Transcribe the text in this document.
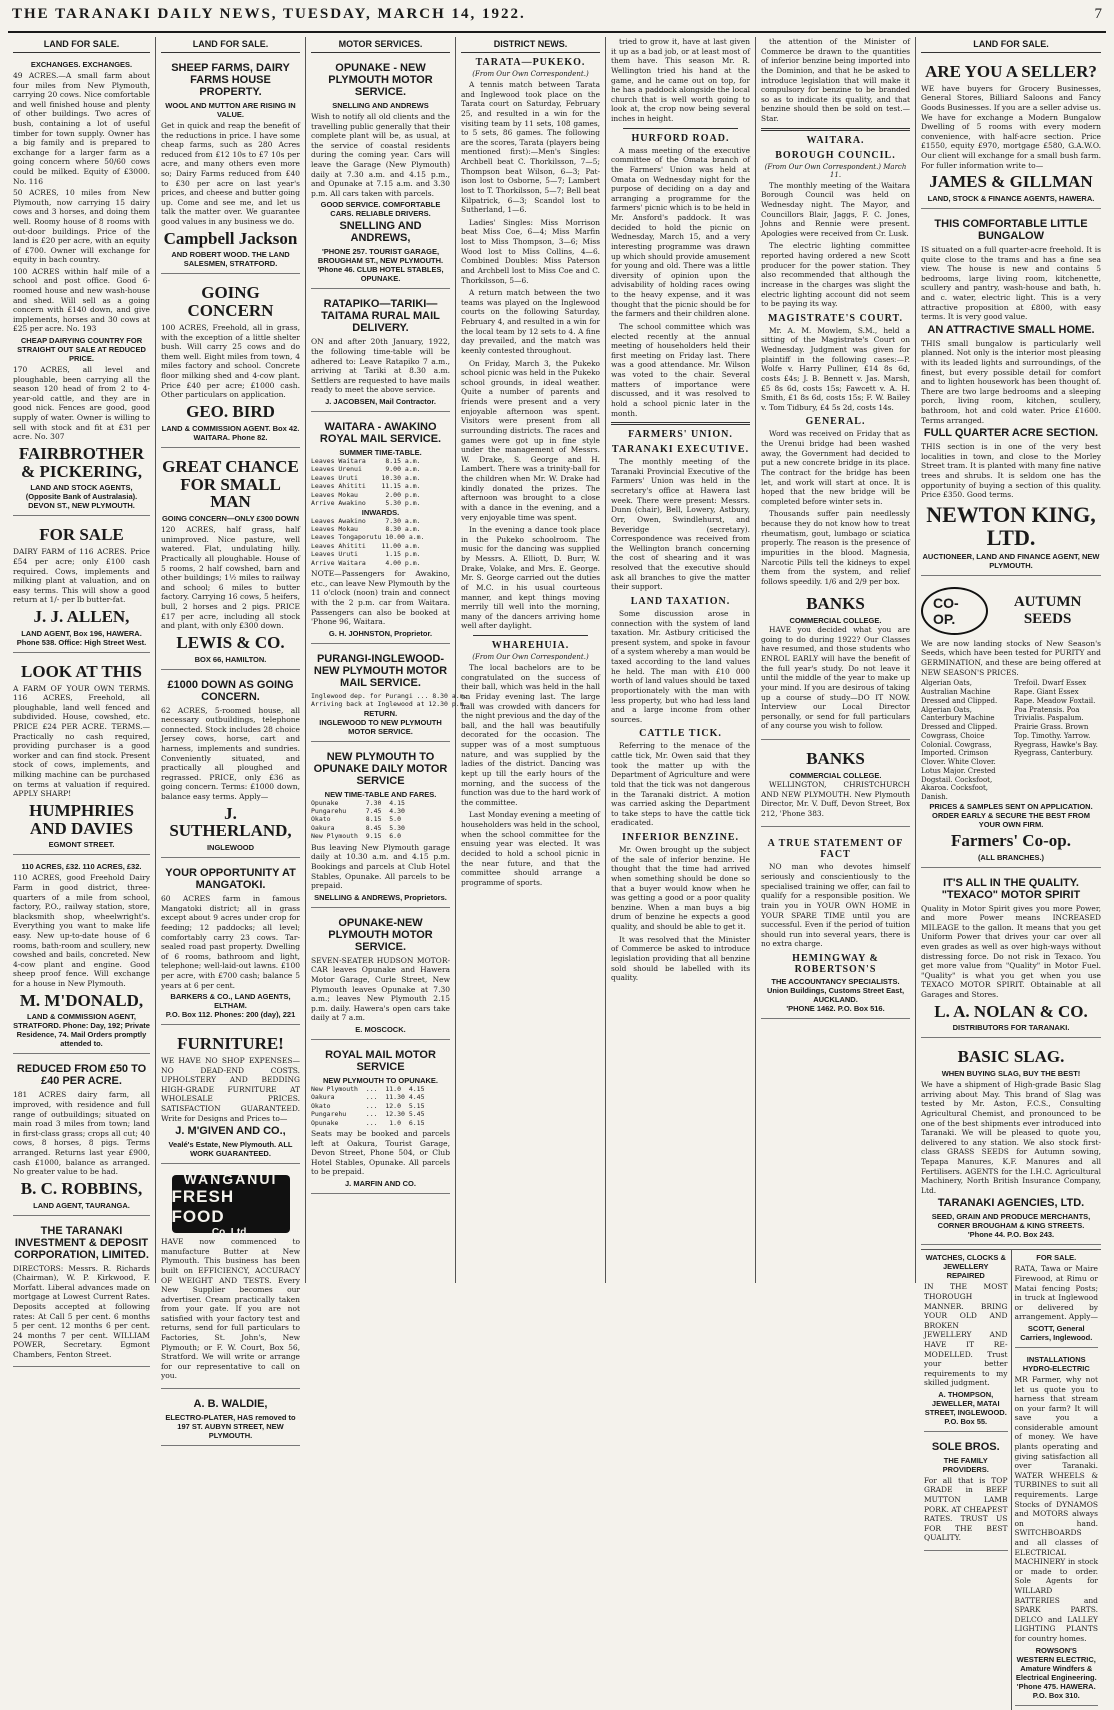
THE TARANAKI DAILY NEWS, TUESDAY, MARCH 14, 1922.	7
LAND FOR SALE.
EXCHANGES. EXCHANGES.

49 ACRES.—A small farm about four miles from New Plymouth, carrying 20 cows. Nice comfortable and well finished house and plenty of other buildings. Two acres of bush, containing a lot of useful timber for town supply. Owner has a big family and is prepared to exchange for a larger farm as a going concern where 50/60 cows could be milked. Equity of £3000. No. 116

50 ACRES, 10 miles from New Plymouth, now carrying 15 dairy cows and 3 horses, and doing them well. Roomy house of 8 rooms with out-door buildings. Price of the land is £20 per acre, with an equity of £700. Owner will exchange for equity in bach country.

100 ACRES within half mile of a school and post office. Good 6-roomed house and new wash-house and shed. Will sell as a going concern with £140 down, and give implements, horses and 30 cows at £25 per acre. No. 193

CHEAP DAIRYING COUNTRY FOR STRAIGHT OUT SALE AT REDUCED PRICE.

170 ACRES, all level and ploughable, been carrying all the season 120 head of from 2 to 4-year-old cattle, and they are in good nick. Fences are good, good supply of water. Owner is willing to sell with stock and fit at £31 per acre. No. 307

FAIRBROTHER & PICKERING,
LAND AND STOCK AGENTS, (Opposite Bank of Australasia). DEVON ST., NEW PLYMOUTH.
FOR SALE

DAIRY FARM of 116 ACRES. Price £54 per acre; only £100 cash required. Cows, implements and milking plant at valuation, and on easy terms. This will show a good return at 1/- per lb butter-fat.

J. J. ALLEN,
LAND AGENT, Box 196, HAWERA. Phone 538. Office: High Street West.
LOOK AT THIS

A FARM OF YOUR OWN TERMS. 116 ACRES, Freehold, all ploughable, land well fenced and subdivided. House, cowshed, etc. PRICE £24 PER ACRE. TERMS.—Practically no cash required, providing purchaser is a good worker and can find stock. Present stock of cows, implements, and milking machine can be purchased on terms at valuation if required. APPLY SHARP!

HUMPHRIES AND DAVIES
EGMONT STREET.
110 ACRES, £32. 110 ACRES, £32.

110 ACRES, good Freehold Dairy Farm in good district, three-quarters of a mile from school, factory, P.O., railway station, store, blacksmith shop, wheelwright's. Everything you want to make life easy. New up-to-date house of 6 rooms, bath-room and scullery, new cowshed and bails, concreted. New 4-cow plant and engine. Good sheep proof fence. Will exchange for a house in New Plymouth.

M. M'DONALD,
LAND & COMMISSION AGENT, STRATFORD. Phone: Day, 192; Private Residence, 74. Mail Orders promptly attended to.
REDUCED FROM £50 TO £40 PER ACRE.

181 ACRES dairy farm, all improved, with residence and full range of outbuildings; situated on main road 3 miles from town; land in first-class grass; crops all cut; 40 cows, 8 horses, 8 pigs. Terms arranged. Returns last year £900, cash £1000, balance as arranged. No greater value to be had.

B. C. ROBBINS,
LAND AGENT, TAURANGA.
THE TARANAKI INVESTMENT & DEPOSIT CORPORATION, LIMITED.

DIRECTORS: Messrs. R. Richards (Chairman), W. P. Kirkwood, F. Morfatt. Liberal advances made on mortgage at Lowest Current Rates. Deposits accepted at following rates: At Call 5 per cent. 6 months 5 per cent. 12 months 6 per cent. 24 months 7 per cent. WILLIAM POWER, Secretary. Egmont Chambers, Fenton Street.

LAND FOR SALE.
SHEEP FARMS, DAIRY FARMS HOUSE PROPERTY.
WOOL AND MUTTON ARE RISING IN VALUE.

Get in quick and reap the benefit of the reductions in price. I have some cheap farms, such as 280 Acres reduced from £12 10s to £7 10s per acre, and many others even more so; Dairy Farms reduced from £40 to £30 per acre on last year's prices, and cheese and butter going up. Come and see me, and let us talk the matter over. We guarantee good values in any business we do.

Campbell Jackson
AND ROBERT WOOD. THE LAND SALESMEN, STRATFORD.
GOING CONCERN

100 ACRES, Freehold, all in grass, with the exception of a little shelter bush. Will carry 25 cows and do them well. Eight miles from town, 4 miles factory and school. Concrete floor milking shed and 4-cow plant. Price £40 per acre; £1000 cash. Other particulars on application.

GEO. BIRD
LAND & COMMISSION AGENT. Box 42. WAITARA. Phone 82.
GREAT CHANCE FOR SMALL MAN
GOING CONCERN—ONLY £300 DOWN

120 ACRES, half grass, half unimproved. Nice pasture, well watered. Flat, undulating hilly. Practically all ploughable. House of 5 rooms, 2 half cowshed, barn and other buildings; 1½ miles to railway and school; 6 miles to butter factory. Carrying 16 cows, 5 heifers, bull, 2 horses and 2 pigs. PRICE £17 per acre, including all stock and plant, with only £300 down.

LEWIS & CO.
BOX 66, HAMILTON.
£1000 DOWN AS GOING CONCERN.

62 ACRES, 5-roomed house, all necessary outbuildings, telephone connected. Stock includes 28 choice Jersey cows, horse, cart and harness, implements and sundries. Conveniently situated, and practically all ploughed and regrassed. PRICE, only £36 as going concern. Terms: £1000 down, balance easy terms. Apply—

J. SUTHERLAND,
INGLEWOOD
YOUR OPPORTUNITY AT MANGATOKI.

60 ACRES farm in famous Mangatoki district; all in grass except about 9 acres under crop for feeding; 12 paddocks; all level; comfortably carry 23 cows. Tar-sealed road past property. Dwelling of 6 rooms, bathroom and light, telephone; well-laid-out lawns. £100 per acre, with £700 cash; balance 5 years at 6 per cent.

BARKERS & CO., LAND AGENTS, ELTHAM.
P.O. Box 112. Phones: 200 (day), 221
FURNITURE!

WE HAVE NO SHOP EXPENSES—NO DEAD-END COSTS. UPHOLSTERY AND BEDDING HIGH-GRADE FURNITURE AT WHOLESALE PRICES. SATISFACTION GUARANTEED. Write for Designs and Prices to—

J. M'GIVEN AND CO.,
Vealé's Estate, New Plymouth. ALL WORK GUARANTEED.
WANGANUI
FRESH FOOD
Co. Ltd.

HAVE now commenced to manufacture Butter at New Plymouth. This business has been built on EFFICIENCY, ACCURACY OF WEIGHT AND TESTS. Every New Supplier becomes our advertiser. Cream practically taken from your gate. If you are not satisfied with your factory test and returns, send for full particulars to Factories, St. John's, New Plymouth; or F. W. Court, Box 56, Stratford. We will write or arrange for our representative to call on you.

A. B. WALDIE,
ELECTRO-PLATER, HAS removed to 197 ST. AUBYN STREET, NEW PLYMOUTH.
MOTOR SERVICES.
OPUNAKE - NEW PLYMOUTH MOTOR SERVICE.
SNELLING AND ANDREWS

Wish to notify all old clients and the travelling public generally that their complete plant will be, as usual, at the service of coastal residents during the coming year. Cars will leave the Garage (New Plymouth) daily at 7.30 a.m. and 4.15 p.m., and Opunake at 7.15 a.m. and 3.30 p.m. All cars taken with parcels.

GOOD SERVICE. COMFORTABLE CARS. RELIABLE DRIVERS.
SNELLING AND ANDREWS,
'PHONE 257. TOURIST GARAGE, BROUGHAM ST., NEW PLYMOUTH. 'Phone 46. CLUB HOTEL STABLES, OPUNAKE.
RATAPIKO—TARIKI—TAITAMA RURAL MAIL DELIVERY.

ON and after 20th January, 1922, the following time-table will be adhered to: Leave Ratapiko 7 a.m., arriving at Tariki at 8.30 a.m. Settlers are requested to have mails ready to meet the above service.

J. JACOBSEN, Mail Contractor.
WAITARA - AWAKINO ROYAL MAIL SERVICE.
SUMMER TIME-TABLE.
Leaves Waitara     8.15 a.m.
Leaves Urenui      9.00 a.m.
Leaves Uruti      10.30 a.m.
Leaves Ahititi    11.15 a.m.
Leaves Mokau       2.00 p.m.
Arrive Awakino     5.30 p.m.
INWARDS.
Leaves Awakino     7.30 a.m.
Leaves Mokau       8.30 a.m.
Leaves Tongaporutu 10.00 a.m.
Leaves Ahititi    11.00 a.m.
Leaves Uruti       1.15 p.m.
Arrive Waitara     4.00 p.m.

NOTE—Passengers for Awakino, etc., can leave New Plymouth by the 11 o'clock (noon) train and connect with the 2 p.m. car from Waitara. Passengers can also be booked at 'Phone 96, Waitara.

G. H. JOHNSTON, Proprietor.
PURANGI-INGLEWOOD-NEW PLYMOUTH MOTOR MAIL SERVICE.
Inglewood dep. for Purangi ... 8.30 a.m.
Arriving back at Inglewood at 12.30 p.m.
RETURN.
INGLEWOOD TO NEW PLYMOUTH MOTOR SERVICE.
NEW PLYMOUTH TO OPUNAKE DAILY MOTOR SERVICE
NEW TIME-TABLE AND FARES.
Opunake       7.30  4.15
Pungarehu     7.45  4.30
Okato         8.15  5.0
Oakura        8.45  5.30
New Plymouth  9.15  6.0

Bus leaving New Plymouth garage daily at 10.30 a.m. and 4.15 p.m. Bookings and parcels at Club Hotel Stables, Opunake. All parcels to be prepaid.

SNELLING & ANDREWS, Proprietors.
OPUNAKE-NEW PLYMOUTH MOTOR SERVICE.

SEVEN-SEATER HUDSON MOTOR-CAR leaves Opunake and Hawera Motor Garage, Curle Street, New Plymouth leaves Opunake at 7.30 a.m.; leaves New Plymouth 2.15 p.m. daily. Hawera's open cars take daily at 7 a.m.

E. MOSCOCK.
ROYAL MAIL MOTOR SERVICE
NEW PLYMOUTH TO OPUNAKE.
New Plymouth  ...  11.0  4.15
Oakura        ...  11.30 4.45
Okato         ...  12.0  5.15
Pungarehu     ...  12.30 5.45
Opunake       ...   1.0  6.15

Seats may be booked and parcels left at Oakura, Tourist Garage, Devon Street, Phone 504, or Club Hotel Stables, Opunake. All parcels to be prepaid.

J. MARFIN AND CO.
DISTRICT NEWS.
TARATA—PUKEKO.
(From Our Own Correspondent.)

A tennis match between Tarata and Inglewood took place on the Tarata court on Saturday, February 25, and resulted in a win for the visiting team by 11 sets, 108 games, to 5 sets, 86 games. The following are the scores, Tarata (players being mentioned first):—Men's Singles: Archbell beat C. Thorkilsson, 7—5; Thompson beat Wilson, 6—3; Pat-ison lost to Osborne, 5—7; Lambert lost to T. Thorkilsson, 5—7; Bell beat Kilpatrick, 6—3; Scandol lost to Sutherland, 1—6.

Ladies' Singles: Miss Morrison beat Miss Coe, 6—4; Miss Marfin lost to Miss Thompson, 3—6; Miss Wood lost to Miss Collins, 4—6. Combined Doubles: Miss Paterson and Archbell lost to Miss Coe and C. Thorkilsson, 5—6.

A return match between the two teams was played on the Inglewood courts on the following Saturday, February 4, and resulted in a win for the local team by 12 sets to 4. A fine day prevailed, and the match was keenly contested throughout.

On Friday, March 3, the Pukeko school picnic was held in the Pukeko school grounds, in ideal weather. Quite a number of parents and friends were present and a very enjoyable afternoon was spent. Visitors were present from all surrounding districts. The races and games were got up in fine style under the management of Messrs. W. Drake, S. George and H. Lambert. There was a trinity-ball for the children when Mr. W. Drake had kindly donated the prizes. The afternoon was brought to a close with a dance in the evening, and a very enjoyable time was spent.

In the evening a dance took place in the Pukeko schoolroom. The music for the dancing was supplied by Messrs. A. Elliott, D. Burr, W. Drake, Volake, and Mrs. E. George. Mr. S. George carried out the duties of M.C. in his usual courteous manner, and kept things moving merrily till well into the morning, many of the dancers arriving home well after daylight.

WHAREHUIA.
(From Our Own Correspondent.)

The local bachelors are to be congratulated on the success of their ball, which was held in the hall on Friday evening last. The large hall was crowded with dancers for the night previous and the day of the ball, and the hall was beautifully decorated for the occasion. The supper was of a most sumptuous nature, and was supplied by the ladies of the district. Dancing was kept up till the early hours of the morning, and the success of the function was due to the hard work of the committee.

Last Monday evening a meeting of householders was held in the school, when the school committee for the ensuing year was elected. It was decided to hold a school picnic in the near future, and that the committee should arrange a programme of sports.

tried to grow it, have at last given it up as a bad job, or at least most of them have. This season Mr. R. Wellington tried his hand at the game, and he came out on top, for he has a paddock alongside the local church that is well worth going to look at, the crop now being several inches in height.

HURFORD ROAD.

A mass meeting of the executive committee of the Omata branch of the Farmers' Union was held at Omata on Wednesday night for the purpose of deciding on a day and arranging a programme for the farmers' picnic which is to be held in Mr. Ansford's paddock. It was decided to hold the picnic on Wednesday, March 15, and a very interesting programme was drawn up which should provide amusement for young and old. There was a little diversity of opinion upon the advisability of holding races owing to the heavy expense, and it was thought that the picnic should be for the farmers and their children alone.

The school committee which was elected recently at the annual meeting of householders held their first meeting on Friday last. There was a good attendance. Mr. Wilson was voted to the chair. Several matters of importance were discussed, and it was resolved to hold a school picnic later in the month.

FARMERS' UNION.
TARANAKI EXECUTIVE.

The monthly meeting of the Taranaki Provincial Executive of the Farmers' Union was held in the secretary's office at Hawera last week. There were present: Messrs. Dunn (chair), Bell, Lowery, Astbury, Orr, Owen, Swindlehurst, and Beveridge (secretary). Correspondence was received from the Wellington branch concerning the cost of shearing and it was resolved that the executive should ask all branches to give the matter their support.

LAND TAXATION.

Some discussion arose in connection with the system of land taxation. Mr. Astbury criticised the present system, and spoke in favour of a system whereby a man would be taxed according to the land values he held. The man with £10 000 worth of land values should be taxed proportionately with the man with less property, but who had less land and a large income from other sources.

CATTLE TICK.

Referring to the menace of the cattle tick, Mr. Owen said that they took the matter up with the Department of Agriculture and were told that the tick was not dangerous in the Taranaki district. A motion was carried asking the Department to take steps to have the cattle tick eradicated.

INFERIOR BENZINE.

Mr. Owen brought up the subject of the sale of inferior benzine. He thought that the time had arrived when something should be done so that a buyer would know when he was getting a good or a poor quality benzine. When a man buys a big drum of benzine he expects a good quality, and should be able to get it.

It was resolved that the Minister of Commerce be asked to introduce legislation providing that all benzine sold should be labelled with its quality.

the attention of the Minister of Commerce be drawn to the quantities of inferior benzine being imported into the Dominion, and that he be asked to introduce legislation that will make it compulsory for benzine to be branded so as to indicate its quality, and that benzine should then be sold on test.—Star.

WAITARA.
BOROUGH COUNCIL.
(From Our Own Correspondent.) March 11.

The monthly meeting of the Waitara Borough Council was held on Wednesday night. The Mayor, and Councillors Blair, Jaggs, F. C. Jones, Johns and Rennie were present. Apologies were received from Cr. Lusk.

The electric lighting committee reported having ordered a new Scott producer for the power station. They also recommended that although the increase in the charges was slight the electric lighting account did not seem to be paying its way.

MAGISTRATE'S COURT.

Mr. A. M. Mowlem, S.M., held a sitting of the Magistrate's Court on Wednesday. Judgment was given for plaintiff in the following cases:—P. Wolfe v. Harry Pulliner, £14 8s 6d, costs £4s; J. B. Bennett v. Jas. Marsh, £5 8s 6d, costs 15s; Fawcett v. A. H. Smith, £1 8s 6d, costs 15s; F. W. Bailey v. Tom Tidbury, £4 5s 2d, costs 14s.

GENERAL.

Word was received on Friday that as the Urenui bridge had been washed away, the Government had decided to put a new concrete bridge in its place. The contract for the bridge has been let, and work will start at once. It is hoped that the new bridge will be completed before winter sets in.

Thousands suffer pain needlessly because they do not know how to treat rheumatism, gout, lumbago or sciatica properly. The reason is the presence of impurities in the blood. Magnesia, Narcotic Pills tell the kidneys to expel them from the system, and relief follows speedily. 1/6 and 2/9 per box.

BANKS
COMMERCIAL COLLEGE.

HAVE you decided what you are going to do during 1922? Our Classes have resumed, and those students who ENROL EARLY will have the benefit of the full year's study. Do not leave it until the middle of the year to make up your mind. If you are desirous of taking up a course of study—DO IT NOW. Interview our Local Director personally, or send for full particulars of any course you wish to follow.

BANKS
COMMERCIAL COLLEGE.

WELLINGTON, CHRISTCHURCH AND NEW PLYMOUTH. New Plymouth Director, Mr. V. Duff, Devon Street, Box 212, 'Phone 383.

A TRUE STATEMENT OF FACT

NO man who devotes himself seriously and conscientiously to the specialised training we offer, can fail to qualify for a responsible position. We train you in YOUR OWN HOME in YOUR SPARE TIME until you are successful. Even if the period of tuition should run into several years, there is no extra charge.

HEMINGWAY & ROBERTSON'S
THE ACCOUNTANCY SPECIALISTS. Union Buildings, Customs Street East, AUCKLAND.
'PHONE 1462. P.O. Box 516.
LAND FOR SALE.
ARE YOU A SELLER?

WE have buyers for Grocery Businesses, General Stores, Billiard Saloons and Fancy Goods Businesses. If you are a seller advise us. We have for exchange a Modern Bungalow Dwelling of 5 rooms with every modern convenience, with half-acre section. Price £1550, equity £970, mortgage £580, G.A.W.O. Our client will exchange for a small bush farm. For fuller information write to—

JAMES & GILLMAN
LAND, STOCK & FINANCE AGENTS, HAWERA.
THIS COMFORTABLE LITTLE BUNGALOW

IS situated on a full quarter-acre freehold. It is quite close to the trams and has a fine sea view. The house is new and contains 5 bedrooms, large living room, kitchenette, scullery and pantry, wash-house and bath, h. and c. water, electric light. This is a very attractive proposition at £800, with easy terms. It is very good value.

AN ATTRACTIVE SMALL HOME.

THIS small bungalow is particularly well planned. Not only is the interior most pleasing with its leaded lights and surroundings, of the finest, but every possible detail for comfort and to lighten housework has been thought of. There are two large bedrooms and a sleeping porch, living room, kitchen, scullery, bathroom, hot and cold water. Price £1600. Terms arranged.

FULL QUARTER ACRE SECTION.

THIS section is in one of the very best localities in town, and close to the Morley Street tram. It is planted with many fine native trees and shrubs. It is seldom one has the opportunity of buying a section of this quality. Price £350. Good terms.

NEWTON KING, LTD.
AUCTIONEER, LAND AND FINANCE AGENT, NEW PLYMOUTH.
CO-OP.
AUTUMN SEEDS

We are now landing stocks of New Season's Seeds, which have been tested for PURITY and GERMINATION, and these are being offered at NEW SEASON'S PRICES.

Algerian Oats, Australian Machine Dressed and Clipped. Algerian Oats, Canterbury Machine Dressed and Clipped. Cowgrass, Choice Colonial. Cowgrass, Imported. Crimson Clover. White Clover. Lotus Major. Crested Dogstail. Cocksfoot, Akaroa. Cocksfoot, Danish.
Trefoil. Dwarf Essex Rape. Giant Essex Rape. Meadow Foxtail. Poa Pratensis. Poa Trivialis. Paspalum. Prairie Grass. Brown Top. Timothy. Yarrow. Ryegrass, Hawke's Bay. Ryegrass, Canterbury.
PRICES & SAMPLES SENT ON APPLICATION. ORDER EARLY & SECURE THE BEST FROM YOUR OWN FIRM.
Farmers' Co-op.
(ALL BRANCHES.)
IT'S ALL IN THE QUALITY. "TEXACO" MOTOR SPIRIT

Quality in Motor Spirit gives you more Power, and more Power means INCREASED MILEAGE to the gallon. It means that you get Uniform Power that drives your car over all even grades as well as over high-ways without distressing force. Do not risk in Texaco. You get more value from "Quality" in Motor Fuel. "Quality" is what you get when you use TEXACO MOTOR SPIRIT. Obtainable at all Garages and Stores.

L. A. NOLAN & CO.
DISTRIBUTORS FOR TARANAKI.
BASIC SLAG.
WHEN BUYING SLAG, BUY THE BEST!

We have a shipment of High-grade Basic Slag arriving about May. This brand of Slag was tested by Mr. Aston, F.C.S., Consulting Agricultural Chemist, and pronounced to be one of the best shipments ever introduced into Taranaki. We will be pleased to quote you, delivered to any station. We also stock first-class GRASS SEEDS for Autumn sowing, Tepapa Manures, K.F. Manures and all Fertilisers. AGENTS for the I.H.C. Agricultural Machinery, North British Insurance Company, Ltd.

TARANAKI AGENCIES, LTD.
SEED, GRAIN AND PRODUCE MERCHANTS, CORNER BROUGHAM & KING STREETS.
'Phone 44. P.O. Box 243.
WATCHES, CLOCKS & JEWELLERY REPAIRED

IN THE MOST THOROUGH MANNER. BRING YOUR OLD AND BROKEN JEWELLERY AND HAVE IT RE-MODELLED. Trust your better requirements to my skilled judgment.

A. THOMPSON,
JEWELLER, MATAI STREET, INGLEWOOD. P.O. Box 55.
SOLE BROS.
THE FAMILY PROVIDERS.

For all that is TOP GRADE in BEEF MUTTON LAMB PORK. AT CHEAPEST RATES. TRUST US FOR THE BEST QUALITY.

FOR SALE.

RATA, Tawa or Maire Firewood, at Rimu or Matai fencing Posts; in truck at Inglewood or delivered by arrangement. Apply—

SCOTT, General Carriers, Inglewood.
INSTALLATIONS HYDRO-ELECTRIC

MR Farmer, why not let us quote you to harness that stream on your farm? It will save you a considerable amount of money. We have plants operating and giving satisfaction all over Taranaki. WATER WHEELS & TURBINES to suit all requirements. Large Stocks of DYNAMOS and MOTORS always on hand. SWITCHBOARDS and all classes of ELECTRICAL MACHINERY in stock or made to order. Sole Agents for WILLARD BATTERIES and SPARK PARTS. DELCO and LALLEY LIGHTING PLANTS for country homes.

ROWSON'S
WESTERN ELECTRIC, Amature Windfers & Electrical Engineering. 'Phone 475. HAWERA. P.O. Box 310.
